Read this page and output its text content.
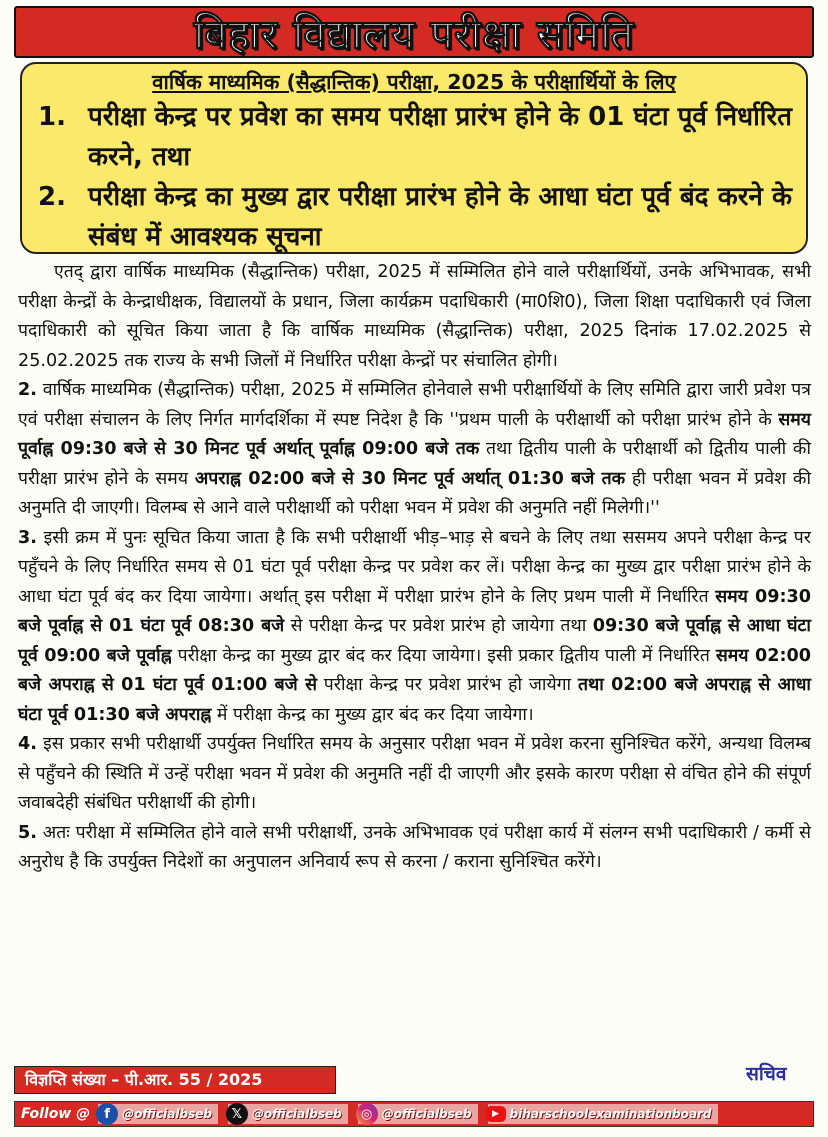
बिहार विद्यालय परीक्षा समिति
वार्षिक माध्यमिक (सैद्धान्तिक) परीक्षा, 2025 के परीक्षार्थियों के लिए
1. परीक्षा केन्द्र पर प्रवेश का समय परीक्षा प्रारंभ होने के 01 घंटा पूर्व निर्धारित करने, तथा
2. परीक्षा केन्द्र का मुख्य द्वार परीक्षा प्रारंभ होने के आधा घंटा पूर्व बंद करने के संबंध में आवश्यक सूचना

एतद् द्वारा वार्षिक माध्यमिक (सैद्धान्तिक) परीक्षा, 2025 में सम्मिलित होने वाले परीक्षार्थियों, उनके अभिभावक, सभी परीक्षा केन्द्रों के केन्द्राधीक्षक, विद्यालयों के प्रधान, जिला कार्यक्रम पदाधिकारी (मा0शि0), जिला शिक्षा पदाधिकारी एवं जिला पदाधिकारी को सूचित किया जाता है कि वार्षिक माध्यमिक (सैद्धान्तिक) परीक्षा, 2025 दिनांक 17.02.2025 से 25.02.2025 तक राज्य के सभी जिलों में निर्धारित परीक्षा केन्द्रों पर संचालित होगी।

2. वार्षिक माध्यमिक (सैद्धान्तिक) परीक्षा, 2025 में सम्मिलित होनेवाले सभी परीक्षार्थियों के लिए समिति द्वारा जारी प्रवेश पत्र एवं परीक्षा संचालन के लिए निर्गत मार्गदर्शिका में स्पष्ट निदेश है कि ''प्रथम पाली के परीक्षार्थी को परीक्षा प्रारंभ होने के समय पूर्वाह्न 09:30 बजे से 30 मिनट पूर्व अर्थात् पूर्वाह्न 09:00 बजे तक तथा द्वितीय पाली के परीक्षार्थी को द्वितीय पाली की परीक्षा प्रारंभ होने के समय अपराह्न 02:00 बजे से 30 मिनट पूर्व अर्थात् 01:30 बजे तक ही परीक्षा भवन में प्रवेश की अनुमति दी जाएगी। विलम्ब से आने वाले परीक्षार्थी को परीक्षा भवन में प्रवेश की अनुमति नहीं मिलेगी।''

3. इसी क्रम में पुनः सूचित किया जाता है कि सभी परीक्षार्थी भीड़–भाड़ से बचने के लिए तथा ससमय अपने परीक्षा केन्द्र पर पहुँचने के लिए निर्धारित समय से 01 घंटा पूर्व परीक्षा केन्द्र पर प्रवेश कर लें। परीक्षा केन्द्र का मुख्य द्वार परीक्षा प्रारंभ होने के आधा घंटा पूर्व बंद कर दिया जायेगा। अर्थात् इस परीक्षा में परीक्षा प्रारंभ होने के लिए प्रथम पाली में निर्धारित समय 09:30 बजे पूर्वाह्न से 01 घंटा पूर्व 08:30 बजे से परीक्षा केन्द्र पर प्रवेश प्रारंभ हो जायेगा तथा 09:30 बजे पूर्वाह्न से आधा घंटा पूर्व 09:00 बजे पूर्वाह्न परीक्षा केन्द्र का मुख्य द्वार बंद कर दिया जायेगा। इसी प्रकार द्वितीय पाली में निर्धारित समय 02:00 बजे अपराह्न से 01 घंटा पूर्व 01:00 बजे से परीक्षा केन्द्र पर प्रवेश प्रारंभ हो जायेगा तथा 02:00 बजे अपराह्न से आधा घंटा पूर्व 01:30 बजे अपराह्न में परीक्षा केन्द्र का मुख्य द्वार बंद कर दिया जायेगा।

4. इस प्रकार सभी परीक्षार्थी उपर्युक्त निर्धारित समय के अनुसार परीक्षा भवन में प्रवेश करना सुनिश्चित करेंगे, अन्यथा विलम्ब से पहुँचने की स्थिति में उन्हें परीक्षा भवन में प्रवेश की अनुमति नहीं दी जाएगी और इसके कारण परीक्षा से वंचित होने की संपूर्ण जवाबदेही संबंधित परीक्षार्थी की होगी।

5. अतः परीक्षा में सम्मिलित होने वाले सभी परीक्षार्थी, उनके अभिभावक एवं परीक्षा कार्य में संलग्न सभी पदाधिकारी / कर्मी से अनुरोध है कि उपर्युक्त निदेशों का अनुपालन अनिवार्य रूप से करना / कराना सुनिश्चित करेंगे।

विज्ञप्ति संख्या – पी.आर. 55 / 2025	सचिव
Follow @	f	@officialbseb	𝕏 @officialbseb	◎ @officialbseb	▶ biharschoolexaminationboard
